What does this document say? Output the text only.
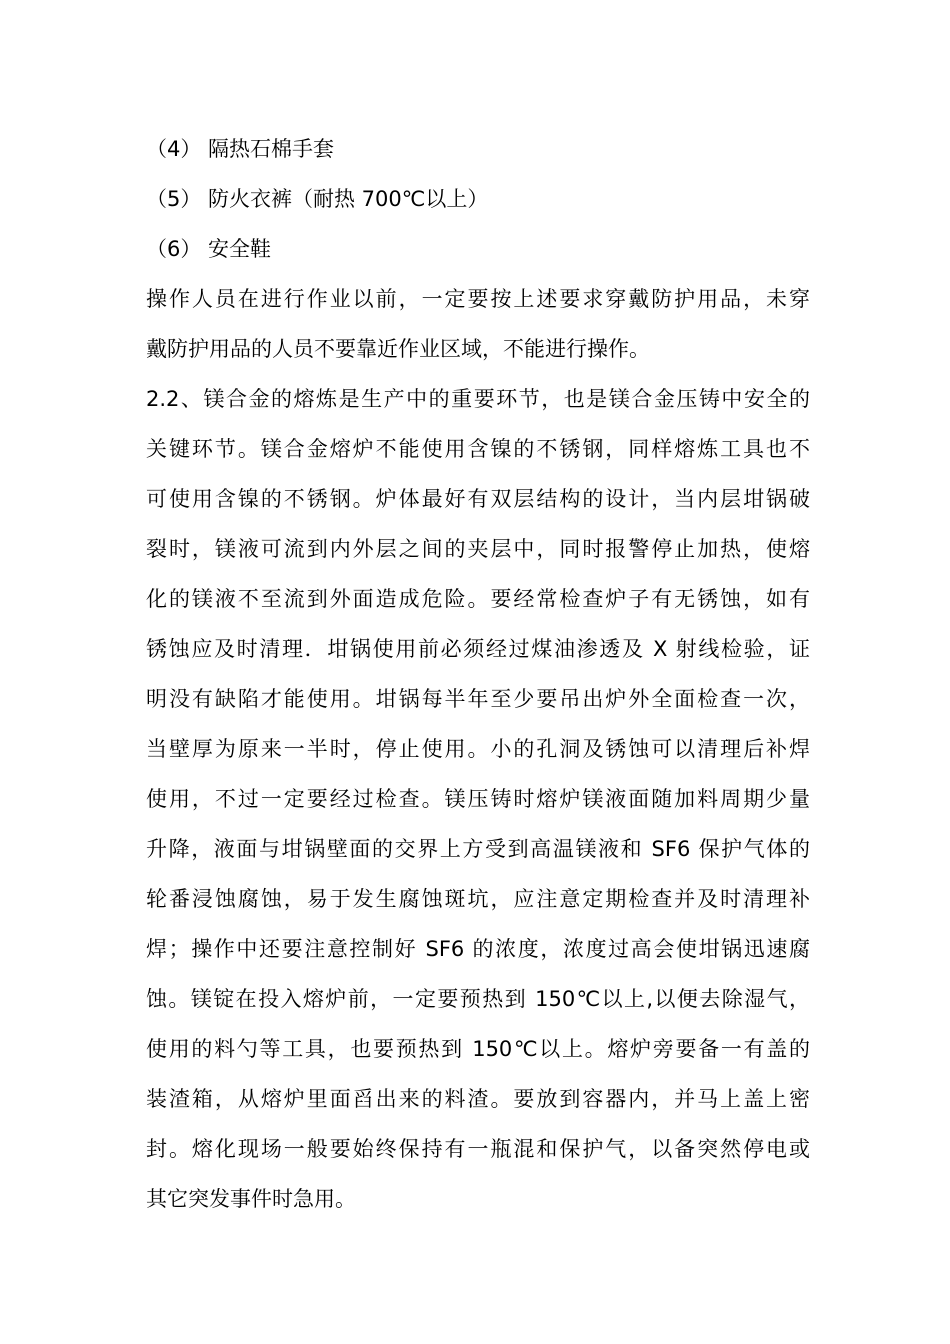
（4） 隔热石棉手套
（5） 防火衣裤（耐热 700℃以上）
（6） 安全鞋
操作人员在进行作业以前，一定要按上述要求穿戴防护用品，未穿
戴防护用品的人员不要靠近作业区域，不能进行操作。
2.2、镁合金的熔炼是生产中的重要环节，也是镁合金压铸中安全的
关键环节。镁合金熔炉不能使用含镍的不锈钢，同样熔炼工具也不
可使用含镍的不锈钢。炉体最好有双层结构的设计，当内层坩锅破
裂时，镁液可流到内外层之间的夹层中，同时报警停止加热，使熔
化的镁液不至流到外面造成危险。要经常检查炉子有无锈蚀，如有
锈蚀应及时清理．坩锅使用前必须经过煤油渗透及 X 射线检验，证
明没有缺陷才能使用。坩锅每半年至少要吊出炉外全面检查一次，
当壁厚为原来一半时，停止使用。小的孔洞及锈蚀可以清理后补焊
使用，不过一定要经过检查。镁压铸时熔炉镁液面随加料周期少量
升降，液面与坩锅壁面的交界上方受到高温镁液和 SF6 保护气体的
轮番浸蚀腐蚀，易于发生腐蚀斑坑，应注意定期检查并及时清理补
焊；操作中还要注意控制好 SF6 的浓度，浓度过高会使坩锅迅速腐
蚀。镁锭在投入熔炉前，一定要预热到 150℃以上,以便去除湿气，
使用的料勺等工具，也要预热到 150℃以上。熔炉旁要备一有盖的
装渣箱，从熔炉里面舀出来的料渣。要放到容器内，并马上盖上密
封。熔化现场一般要始终保持有一瓶混和保护气，以备突然停电或
其它突发事件时急用。
